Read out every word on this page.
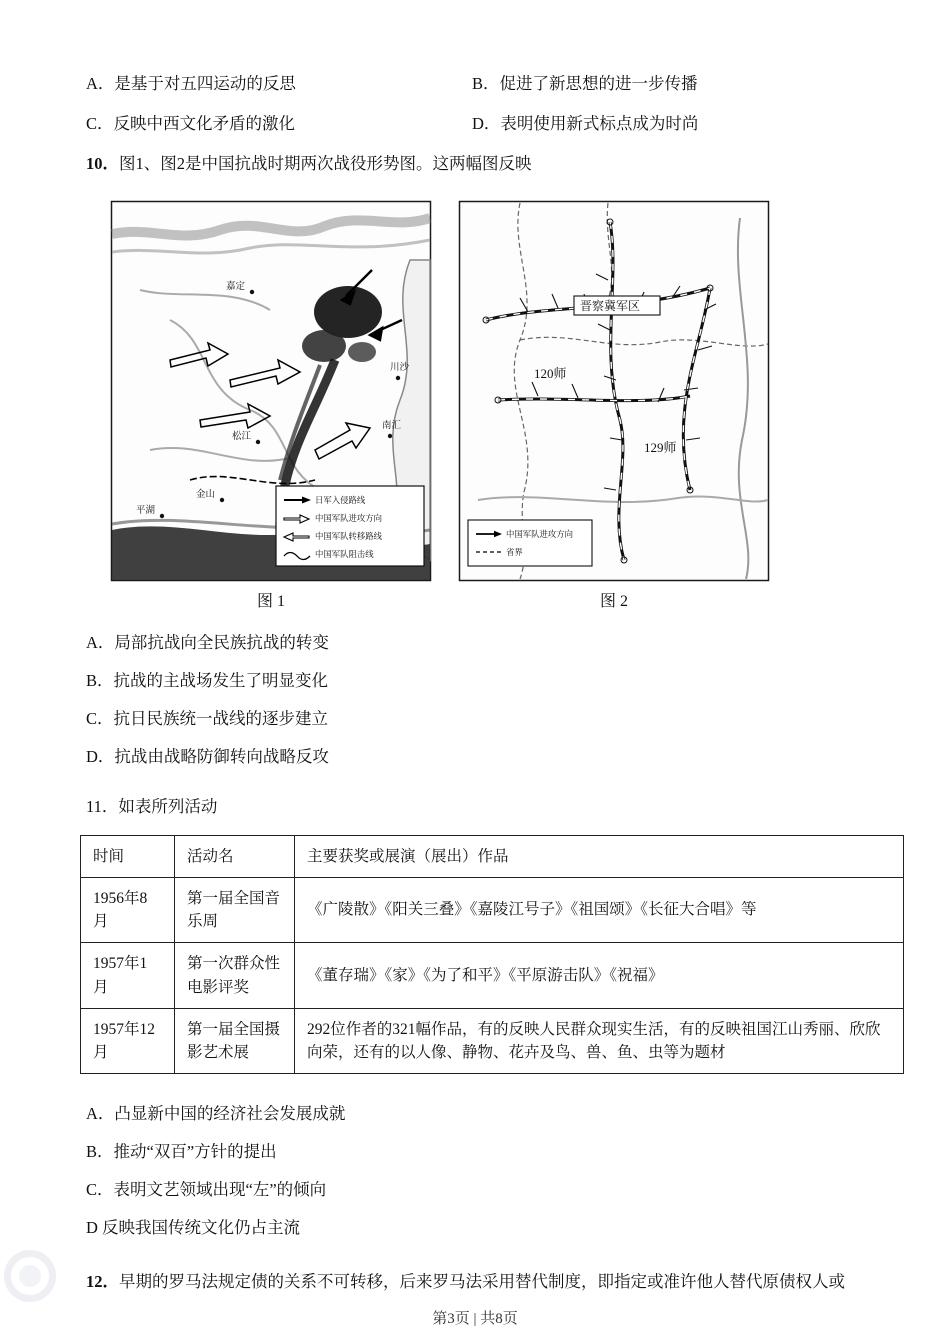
A．是基于对五四运动的反思	B．促进了新思想的进一步传播
C．反映中西文化矛盾的激化	D．表明使用新式标点成为时尚
10．图1、图2是中国抗战时期两次战役形势图。这两幅图反映
嘉定
川沙
南汇
松江
金山
平湖
日军入侵路线
中国军队进攻方向
中国军队转移路线
中国军队阻击线
晋察冀军区
120师
129师
中国军队进攻方向
省界
图 1	图 2
A．局部抗战向全民族抗战的转变
B．抗战的主战场发生了明显变化
C．抗日民族统一战线的逐步建立
D．抗战由战略防御转向战略反攻
11．如表所列活动
时间	活动名	主要获奖或展演（展出）作品
1956年8月	第一届全国音乐周	《广陵散》《阳关三叠》《嘉陵江号子》《祖国颂》《长征大合唱》等
1957年1月	第一次群众性电影评奖	《董存瑞》《家》《为了和平》《平原游击队》《祝福》
1957年12月	第一届全国摄影艺术展	292位作者的321幅作品，有的反映人民群众现实生活，有的反映祖国江山秀丽、欣欣向荣，还有的以人像、静物、花卉及鸟、兽、鱼、虫等为题材
A．凸显新中国的经济社会发展成就
B．推动“双百”方针的提出
C．表明文艺领域出现“左”的倾向
D 反映我国传统文化仍占主流
12．早期的罗马法规定债的关系不可转移，后来罗马法采用替代制度，即指定或准许他人替代原债权人或
第3页 | 共8页
